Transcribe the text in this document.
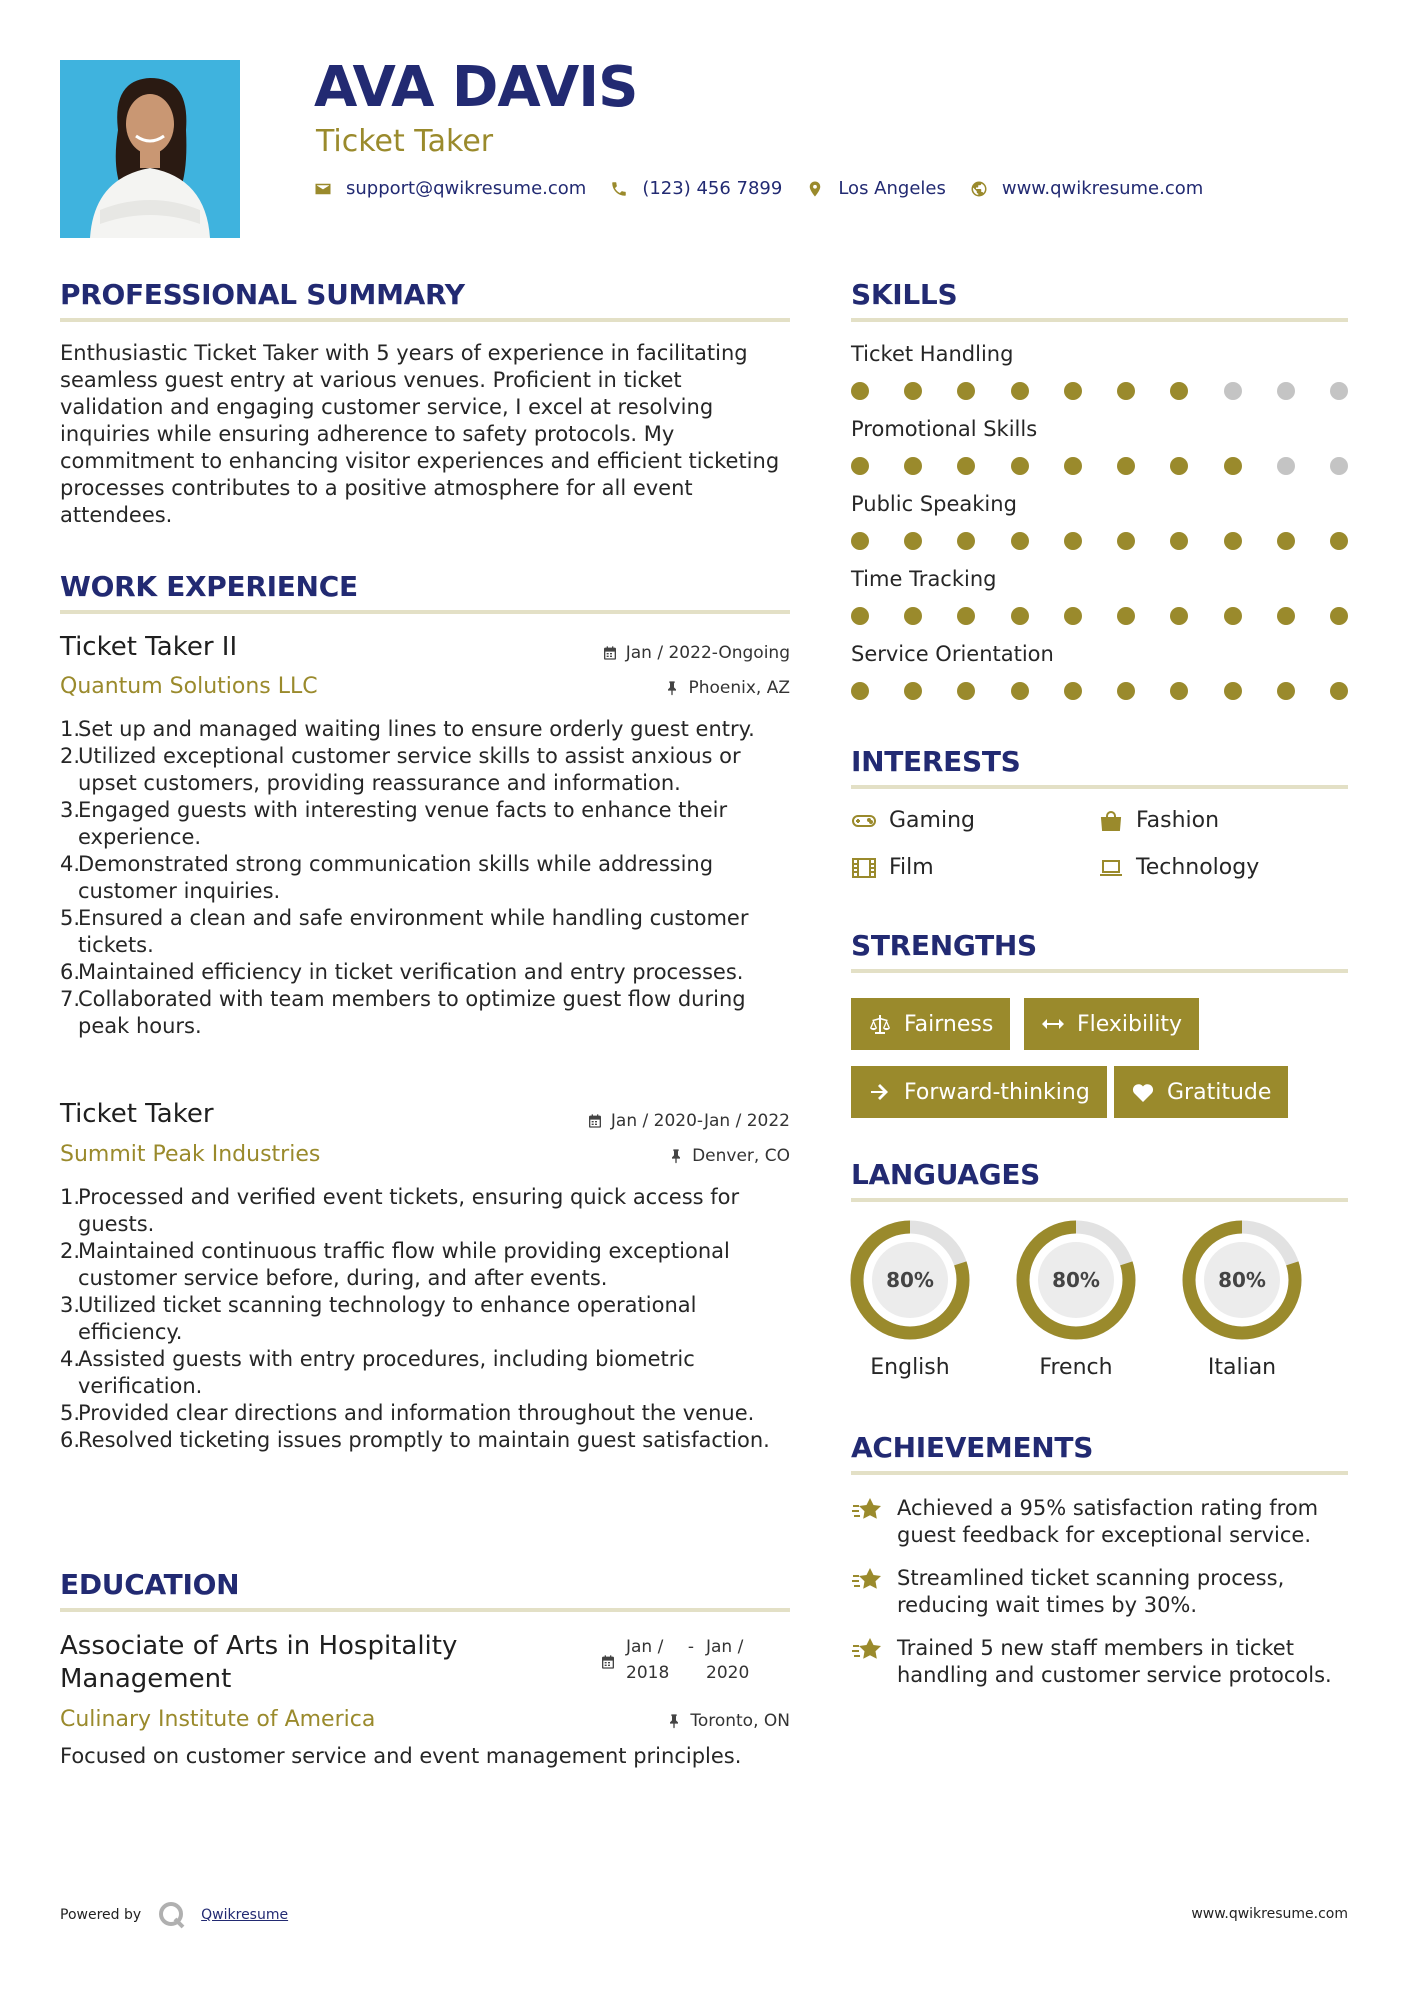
AVA DAVIS
Ticket Taker
support@qwikresume.com	(123) 456 7899	Los Angeles	www.qwikresume.com
PROFESSIONAL SUMMARY
Enthusiastic Ticket Taker with 5 years of experience in facilitating seamless guest entry at various venues. Proficient in ticket validation and engaging customer service, I excel at resolving inquiries while ensuring adherence to safety protocols. My commitment to enhancing visitor experiences and efficient ticketing processes contributes to a positive atmosphere for all event attendees.
WORK EXPERIENCE
Ticket Taker II	Jan / 2022-Ongoing
Quantum Solutions LLC	Phoenix, AZ
1.
Set up and managed waiting lines to ensure orderly guest entry.
2.
Utilized exceptional customer service skills to assist anxious or upset customers, providing reassurance and information.
3.
Engaged guests with interesting venue facts to enhance their experience.
4.
Demonstrated strong communication skills while addressing customer inquiries.
5.
Ensured a clean and safe environment while handling customer tickets.
6.
Maintained efficiency in ticket verification and entry processes.
7.
Collaborated with team members to optimize guest flow during peak hours.
Ticket Taker	Jan / 2020-Jan / 2022
Summit Peak Industries	Denver, CO
1.
Processed and verified event tickets, ensuring quick access for guests.
2.
Maintained continuous traffic flow while providing exceptional customer service before, during, and after events.
3.
Utilized ticket scanning technology to enhance operational efficiency.
4.
Assisted guests with entry procedures, including biometric verification.
5.
Provided clear directions and information throughout the venue.
6.
Resolved ticketing issues promptly to maintain guest satisfaction.
EDUCATION
Associate of Arts in Hospitality Management
Jan / 2018
- Jan / 2020
Culinary Institute of America	Toronto, ON
Focused on customer service and event management principles.
SKILLS
Ticket Handling
Promotional Skills
Public Speaking
Time Tracking
Service Orientation
INTERESTS
Gaming	Fashion
Film	Technology
STRENGTHS
Fairness	Flexibility
Forward-thinking	Gratitude
LANGUAGES
80%
English
80%
French
80%
Italian
ACHIEVEMENTS
Achieved a 95% satisfaction rating from guest feedback for exceptional service.
Streamlined ticket scanning process, reducing wait times by 30%.
Trained 5 new staff members in ticket handling and customer service protocols.
Powered by	Qwikresume	www.qwikresume.com
